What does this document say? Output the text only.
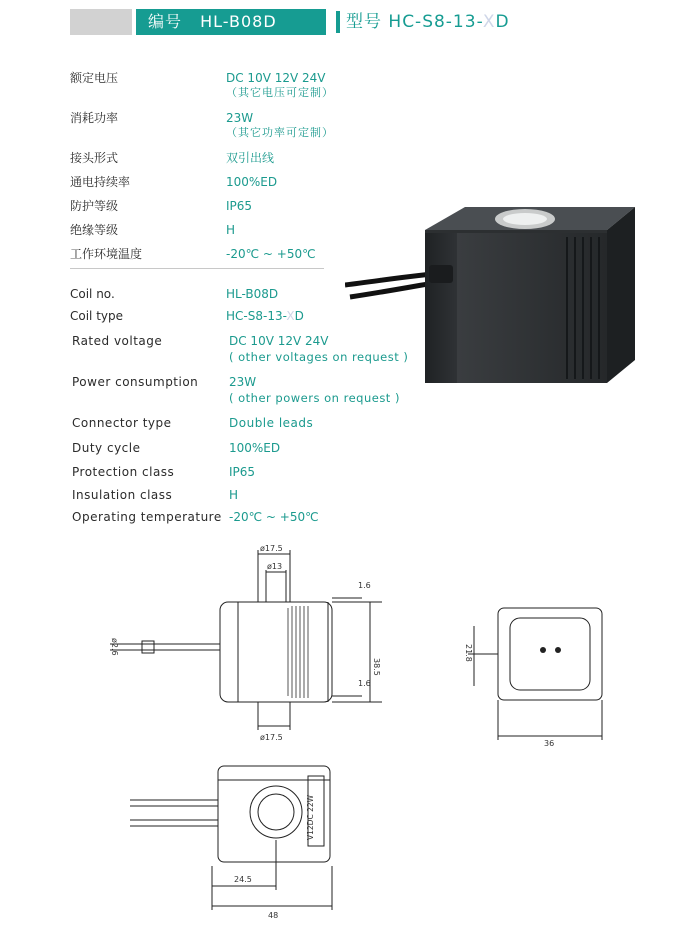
编号 HL-B08D	型号 HC-S8-13-XD
额定电压	DC 10V 12V 24V
（其它电压可定制）
消耗功率	23W
（其它功率可定制）
接头形式	双引出线
通电持续率	100%ED
防护等级	IP65
绝缘等级	H
工作环境温度	-20℃ ~ +50℃
Coil no.	HL-B08D
Coil type	HC-S8-13-XD
Rated voltage	DC 10V 12V 24V
( other voltages on request )
Power consumption	23W
( other powers on request )
Connector type	Double leads
Duty cycle	100%ED
Protection class	IP65
Insulation class	H
Operating temperature -20℃ ~ +50℃
ø17.5
ø13
1.6
38.5
1.6
ø17.5
ø2.6	21.8
36
24.5
48
V12DC 22W
